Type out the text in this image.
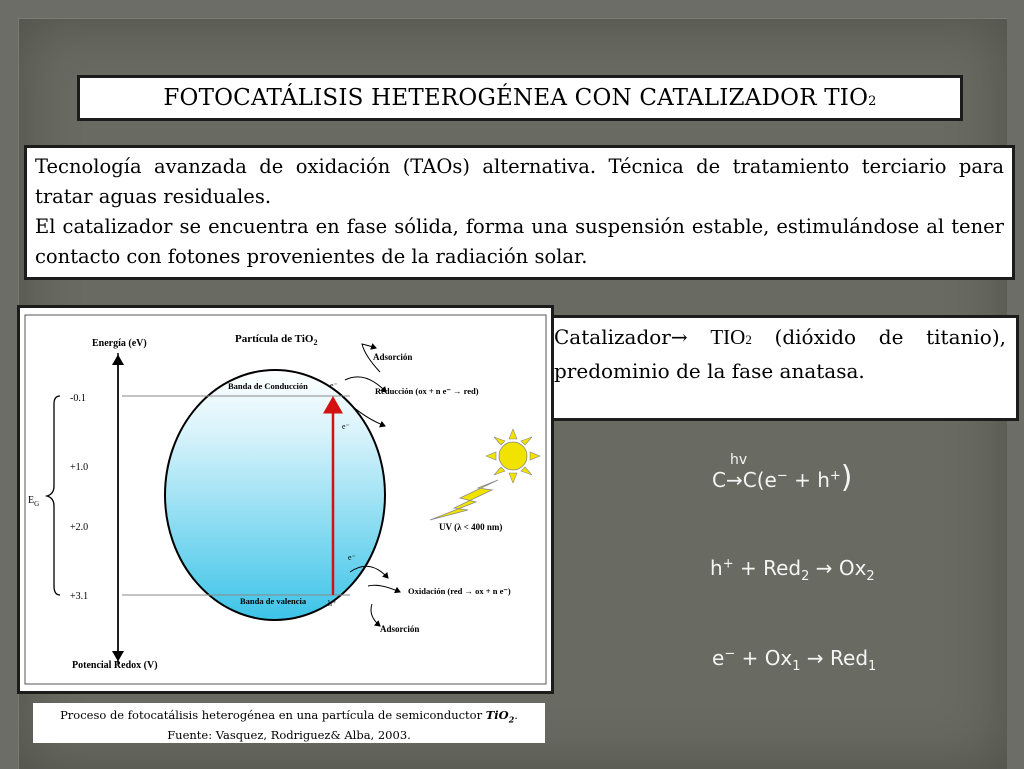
FOTOCATÁLISIS HETEROGÉNEA CON CATALIZADOR TIO2

Tecnología avanzada de oxidación (TAOs) alternativa. Técnica de tratamiento terciario para tratar aguas residuales.

El catalizador se encuentra en fase sólida, forma una suspensión estable, estimulándose al tener contacto con fotones provenientes de la radiación solar.

Catalizador→ TIO2 (dióxido de titanio), predominio de la fase anatasa.
Energía (eV)
Potencial Redox (V)
-0.1
+1.0
+2.0
+3.1
$E_G$
Partícula de TiO$_2$
Banda de Conducción
Banda de valencia
e⁻
h⁺
e⁻
e⁻
Adsorción
Reducción (ox + n e⁻ → red)
Oxidación (red → ox + n e⁻)
Adsorción
UV (λ < 400 nm)
Proceso de fotocatálisis heterogénea en una partícula de semiconductor TiO$_2$.
Fuente: Vasquez, Rodriguez& Alba, 2003.
hv
C→C(e− + h+)
$h^+ + Red_2 \to Ox_2$
$e^- + Ox_1 \to Red_1$
